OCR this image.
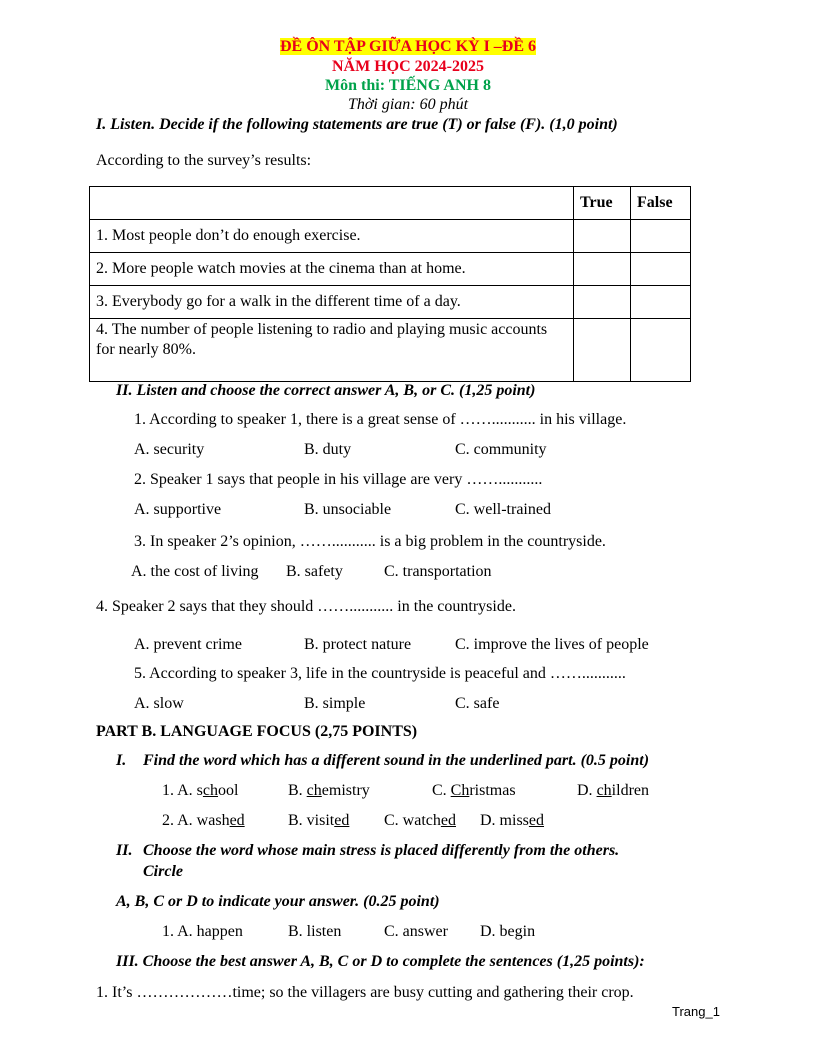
ĐỀ ÔN TẬP GIỮA HỌC KỲ I –ĐỀ 6
NĂM HỌC 2024-2025
Môn thi: TIẾNG ANH 8
Thời gian: 60 phút
I. Listen. Decide if the following statements are true (T) or false (F). (1,0 point)
According to the survey’s results:
	True	False
1. Most people don’t do enough exercise.		
2. More people watch movies at the cinema than at home.		
3. Everybody go for a walk in the different time of a day.		
4. The number of people listening to radio and playing music accounts for nearly 80%.		
II. Listen and choose the correct answer A, B, or C. (1,25 point)
1. According to speaker 1, there is a great sense of ……........... in his village.
A. security	B. duty	C. community
2. Speaker 1 says that people in his village are very ……...........
A. supportive	B. unsociable	C. well-trained
3. In speaker 2’s opinion, ……........... is a big problem in the countryside.
A. the cost of living B. safety	C. transportation
4. Speaker 2 says that they should ……........... in the countryside.
A. prevent crime	B. protect nature	C. improve the lives of people
5. According to speaker 3, life in the countryside is peaceful and ……...........
A. slow	B. simple	C. safe
PART B. LANGUAGE FOCUS (2,75 POINTS)
I. Find the word which has a different sound in the underlined part. (0.5 point)
1. A. school	B. chemistry	C. Christmas	D. children
2. A. washed	B. visited C. watched D. missed
II. Choose the word whose main stress is placed differently from the others.
Circle
A, B, C or D to indicate your answer. (0.25 point)
1. A. happen	B. listen	C. answer D. begin
III. Choose the best answer A, B, C or D to complete the sentences (1,25 points):
1. It’s ………………time; so the villagers are busy cutting and gathering their crop.
Trang_1
